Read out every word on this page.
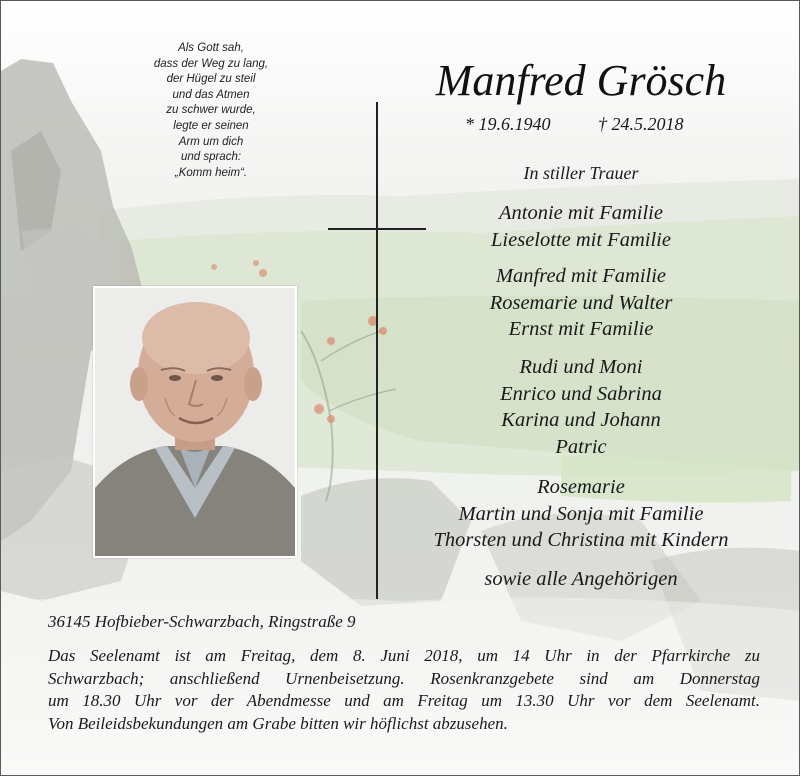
Als Gott sah,
dass der Weg zu lang,
der Hügel zu steil
und das Atmen
zu schwer wurde,
legte er seinen
Arm um dich
und sprach:
„Komm heim“.
Manfred Grösch
* 19.6.1940	† 24.5.2018
In stiller Trauer
Antonie mit Familie
Lieselotte mit Familie
Manfred mit Familie
Rosemarie und Walter
Ernst mit Familie
Rudi und Moni
Enrico und Sabrina
Karina und Johann
Patric
Rosemarie
Martin und Sonja mit Familie
Thorsten und Christina mit Kindern
sowie alle Angehörigen
36145 Hofbieber-Schwarzbach, Ringstraße 9
Das Seelenamt ist am Freitag, dem 8. Juni 2018, um 14 Uhr in der Pfarrkirche zu
Schwarzbach; anschließend Urnenbeisetzung. Rosenkranzgebete sind am Donnerstag
um 18.30 Uhr vor der Abendmesse und am Freitag um 13.30 Uhr vor dem Seelenamt.
Von Beileidsbekundungen am Grabe bitten wir höflichst abzusehen.
